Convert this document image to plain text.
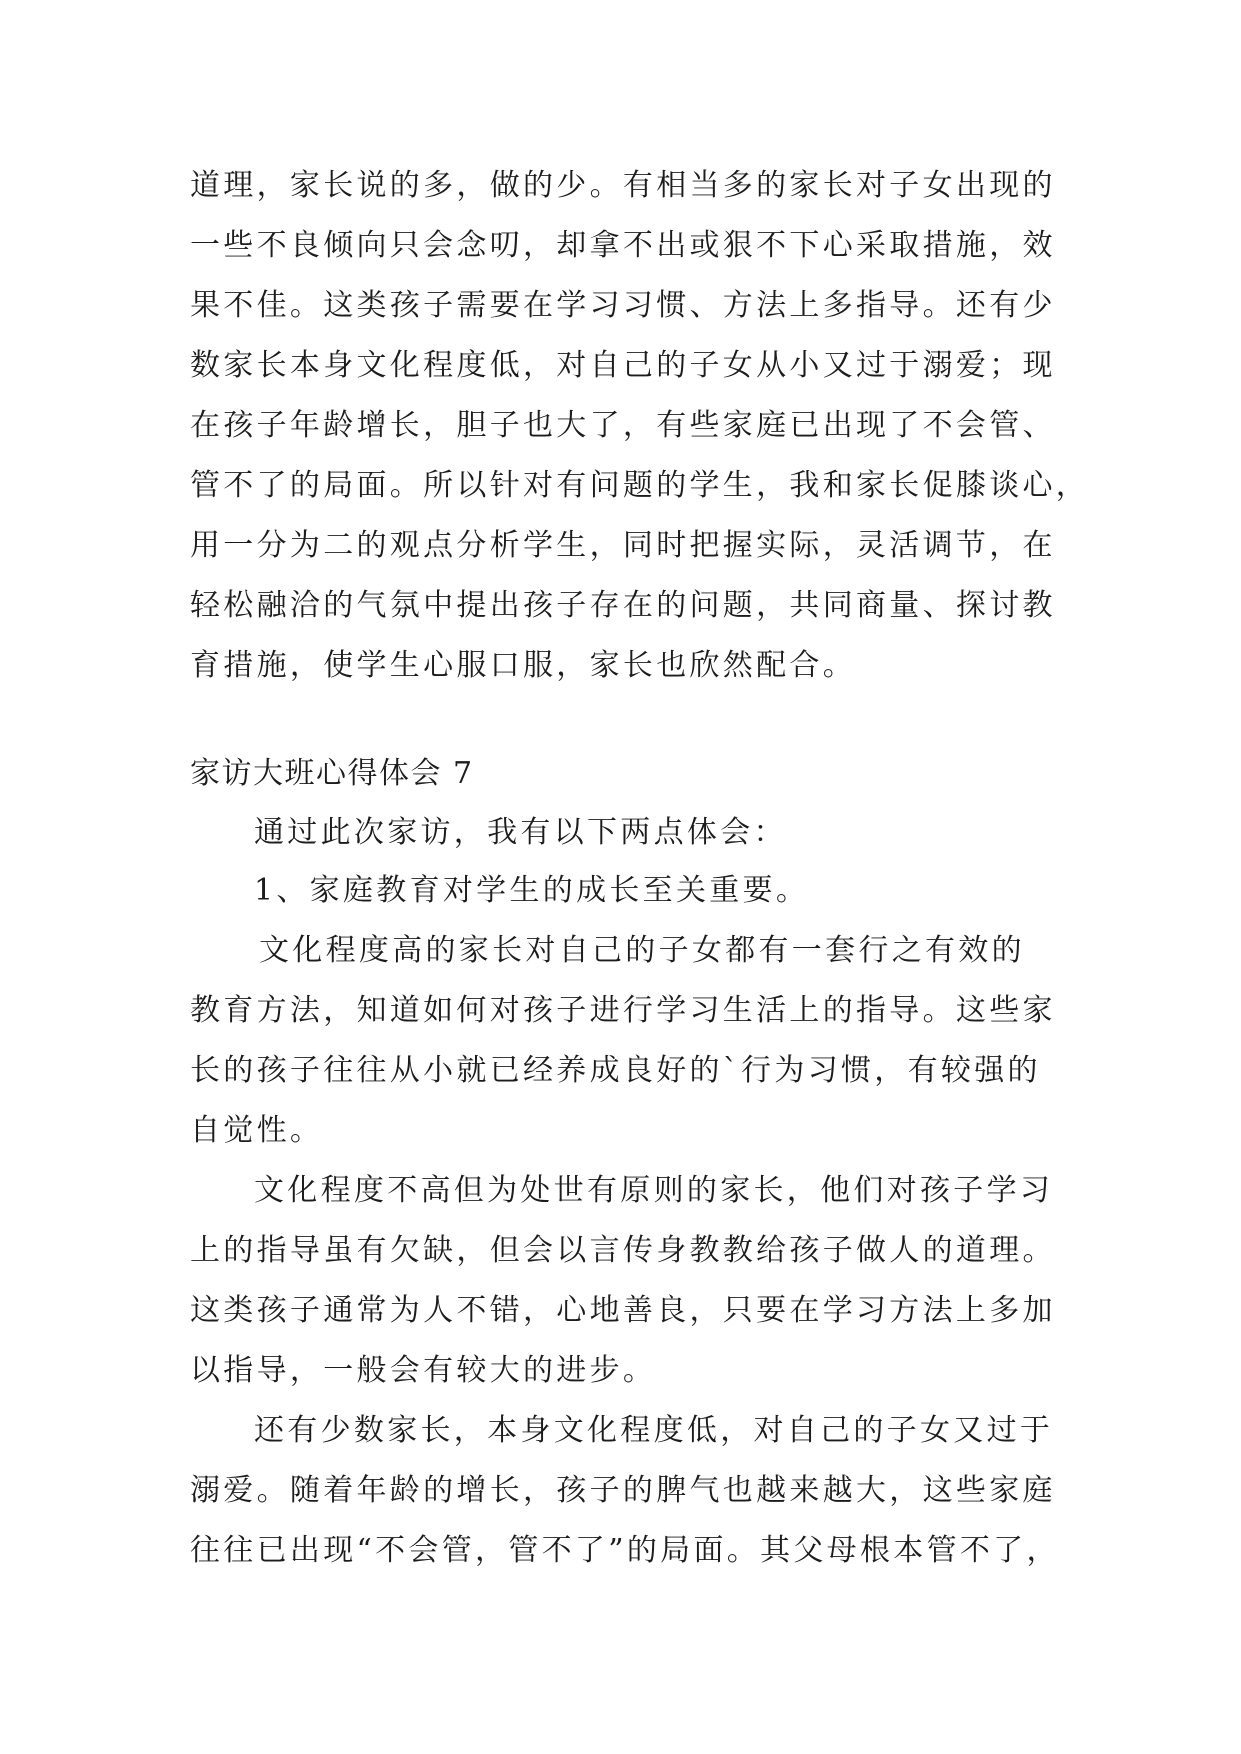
道理，家长说的多，做的少。有相当多的家长对子女出现的
一些不良倾向只会念叨，却拿不出或狠不下心采取措施，效
果不佳。这类孩子需要在学习习惯、方法上多指导。还有少
数家长本身文化程度低，对自己的子女从小又过于溺爱；现
在孩子年龄增长，胆子也大了，有些家庭已出现了不会管、
管不了的局面。所以针对有问题的学生，我和家长促膝谈心，
用一分为二的观点分析学生，同时把握实际，灵活调节，在
轻松融洽的气氛中提出孩子存在的问题，共同商量、探讨教
育措施，使学生心服口服，家长也欣然配合。
家访大班心得体会 7
通过此次家访，我有以下两点体会：
1、家庭教育对学生的成长至关重要。
文化程度高的家长对自己的子女都有一套行之有效的
教育方法，知道如何对孩子进行学习生活上的指导。这些家
长的孩子往往从小就已经养成良好的`行为习惯，有较强的
自觉性。
文化程度不高但为处世有原则的家长，他们对孩子学习
上的指导虽有欠缺，但会以言传身教教给孩子做人的道理。
这类孩子通常为人不错，心地善良，只要在学习方法上多加
以指导，一般会有较大的进步。
还有少数家长，本身文化程度低，对自己的子女又过于
溺爱。随着年龄的增长，孩子的脾气也越来越大，这些家庭
往往已出现“不会管，管不了”的局面。其父母根本管不了，
